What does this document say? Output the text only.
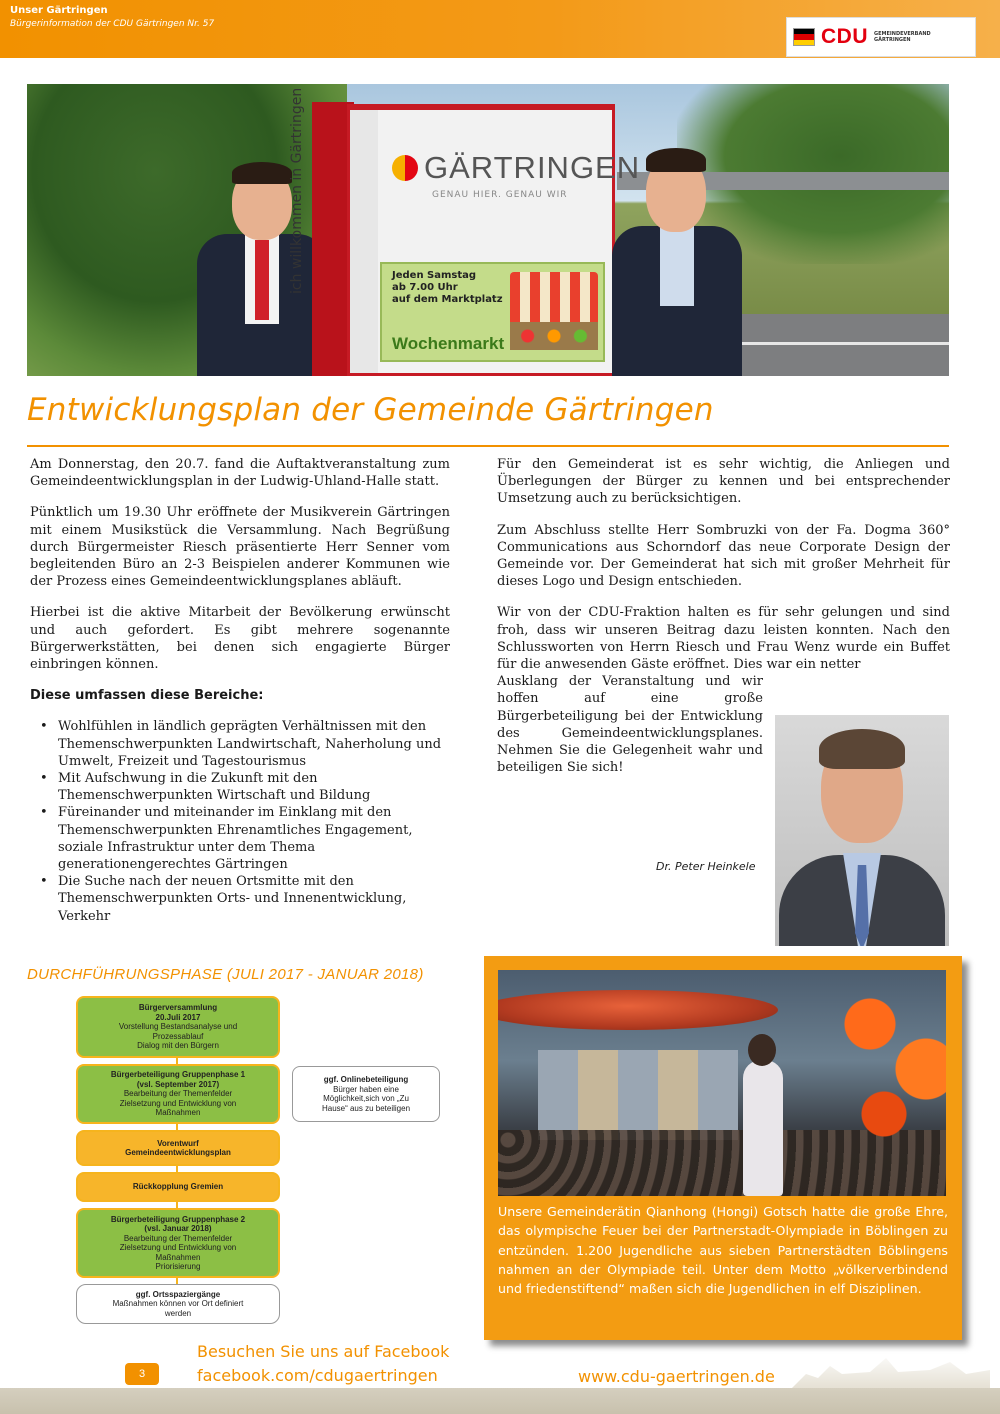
Unser Gärtringen
Bürgerinformation der CDU Gärtringen Nr. 57
CDU GEMEINDEVERBAND
GÄRTRINGEN
GÄRTRINGEN
GENAU HIER. GENAU WIR
Jeden Samstag
ab 7.00 Uhr
auf dem Marktplatz
Wochenmarkt
ich willkommen in Gärtringen
Entwicklungsplan der Gemeinde Gärtringen

Am Donnerstag, den 20.7. fand die Auftaktveranstaltung zum Gemeindeentwicklungsplan in der Ludwig-Uhland-Halle statt.

Pünktlich um 19.30 Uhr eröffnete der Musikverein Gärtringen mit einem Musikstück die Versammlung. Nach Begrüßung durch Bürgermeister Riesch präsentierte Herr Senner vom begleitenden Büro an 2-3 Beispielen anderer Kommunen wie der Prozess eines Gemeindeentwicklungsplanes abläuft.

Hierbei ist die aktive Mitarbeit der Bevölkerung erwünscht und auch gefordert. Es gibt mehrere sogenannte Bürgerwerkstätten, bei denen sich engagierte Bürger einbringen können.

Diese umfassen diese Bereiche:

• Wohlfühlen in ländlich geprägten Verhältnissen mit den Themenschwerpunkten Landwirtschaft, Naherholung und Umwelt, Freizeit und Tagestourismus
• Mit Aufschwung in die Zukunft mit den Themenschwerpunkten Wirtschaft und Bildung
• Füreinander und miteinander im Einklang mit den Themenschwerpunkten Ehrenamtliches Engagement, soziale Infrastruktur unter dem Thema generationengerechtes Gärtringen
• Die Suche nach der neuen Ortsmitte mit den Themenschwerpunkten Orts- und Innenentwicklung, Verkehr

Für den Gemeinderat ist es sehr wichtig, die Anliegen und Überlegungen der Bürger zu kennen und bei entsprechender Umsetzung auch zu berücksichtigen.

Zum Abschluss stellte Herr Sombruzki von der Fa. Dogma 360° Communications aus Schorndorf das neue Corporate Design der Gemeinde vor. Der Gemeinderat hat sich mit großer Mehrheit für dieses Logo und Design entschieden.

Wir von der CDU-Fraktion halten es für sehr gelungen und sind froh, dass wir unseren Beitrag dazu leisten konnten. Nach den Schlussworten von Herrn Riesch und Frau Wenz wurde ein Buffet für die anwesenden Gäste eröffnet. Dies war ein netter

Ausklang der Veranstaltung und wir hoffen auf eine große Bürgerbeteiligung bei der Entwicklung des Gemeindeentwicklungsplanes. Nehmen Sie die Gelegenheit wahr und beteiligen Sie sich!

Dr. Peter Heinkele
DURCHFÜHRUNGSPHASE (JULI 2017 - JANUAR 2018)
Bürgerversammlung
20.Juli 2017
Vorstellung Bestandsanalyse und
Prozessablauf
Dialog mit den Bürgern
Bürgerbeteiligung Gruppenphase 1
(vsl. September 2017)
Bearbeitung der Themenfelder
Zielsetzung und Entwicklung von
Maßnahmen
ggf. Onlinebeteiligung
Bürger haben eine
Möglichkeit,sich von „Zu
Hause“ aus zu beteiligen
Vorentwurf
Gemeindeentwicklungsplan
Rückkopplung Gremien
Bürgerbeteiligung Gruppenphase 2
(vsl. Januar 2018)
Bearbeitung der Themenfelder
Zielsetzung und Entwicklung von
Maßnahmen
Priorisierung
ggf. Ortsspaziergänge
Maßnahmen können vor Ort definiert
werden
Unsere Gemeinderätin Qianhong (Hongi) Gotsch hatte die große Ehre, das olympische Feuer bei der Partnerstadt-Olympiade in Böblingen zu entzünden. 1.200 Jugendliche aus sieben Partnerstädten Böblingens nahmen an der Olympiade teil. Unter dem Motto „völkerverbindend und friedenstiftend“ maßen sich die Jugendlichen in elf Disziplinen.
3
Besuchen Sie uns auf Facebook
facebook.com/cdugaertringen	www.cdu-gaertringen.de
